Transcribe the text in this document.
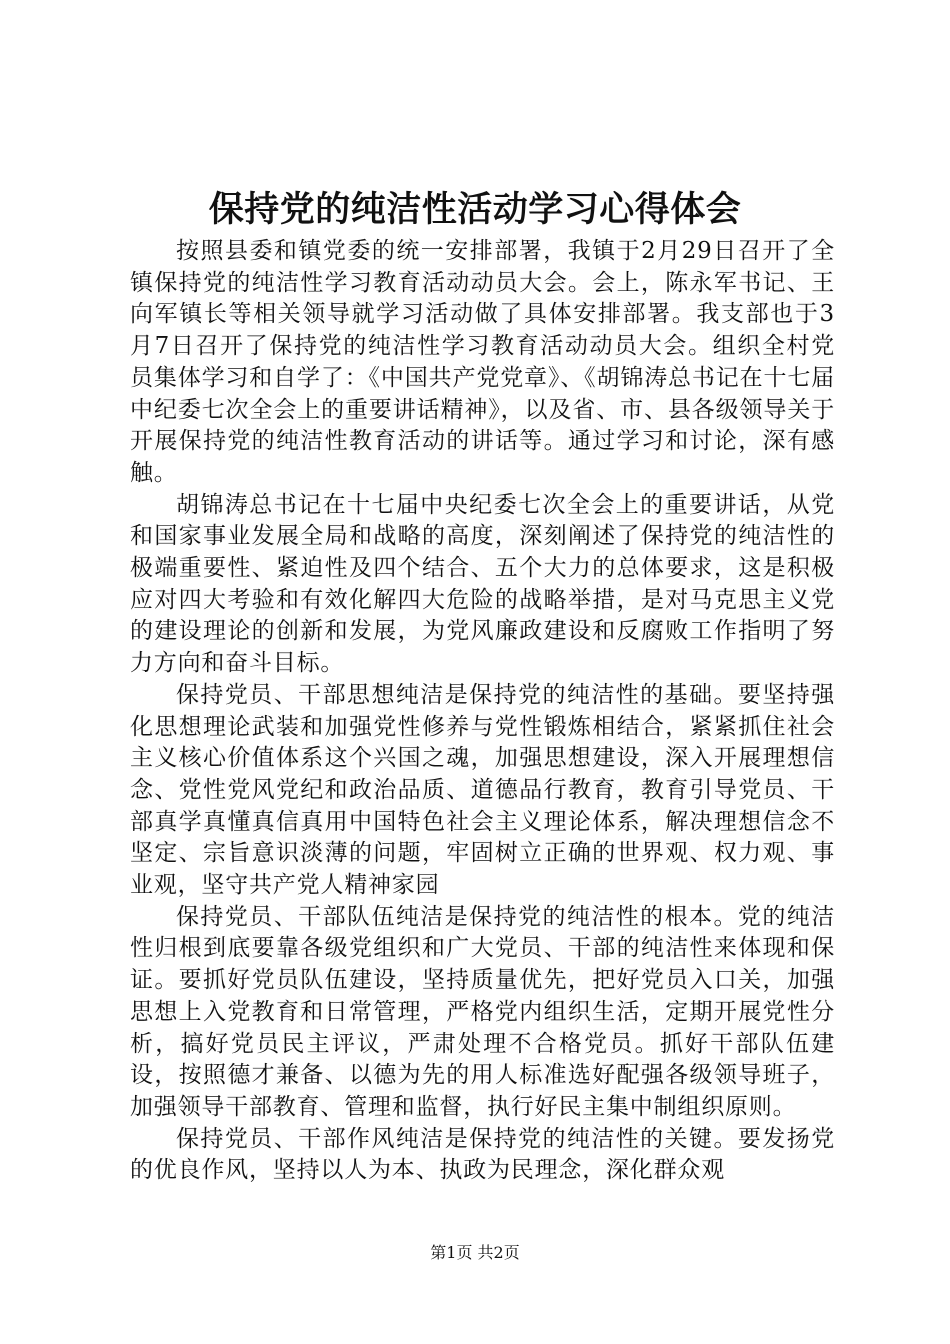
保持党的纯洁性活动学习心得体会

按照县委和镇党委的统一安排部署，我镇于2月29日召开了全镇保持党的纯洁性学习教育活动动员大会。会上，陈永军书记、王向军镇长等相关领导就学习活动做了具体安排部署。我支部也于3月7日召开了保持党的纯洁性学习教育活动动员大会。组织全村党员集体学习和自学了：《中国共产党党章》、《胡锦涛总书记在十七届中纪委七次全会上的重要讲话精神》，以及省、市、县各级领导关于开展保持党的纯洁性教育活动的讲话等。通过学习和讨论，深有感触。

胡锦涛总书记在十七届中央纪委七次全会上的重要讲话，从党和国家事业发展全局和战略的高度，深刻阐述了保持党的纯洁性的极端重要性、紧迫性及四个结合、五个大力的总体要求，这是积极应对四大考验和有效化解四大危险的战略举措，是对马克思主义党的建设理论的创新和发展，为党风廉政建设和反腐败工作指明了努力方向和奋斗目标。

保持党员、干部思想纯洁是保持党的纯洁性的基础。要坚持强化思想理论武装和加强党性修养与党性锻炼相结合，紧紧抓住社会主义核心价值体系这个兴国之魂，加强思想建设，深入开展理想信念、党性党风党纪和政治品质、道德品行教育，教育引导党员、干部真学真懂真信真用中国特色社会主义理论体系，解决理想信念不坚定、宗旨意识淡薄的问题，牢固树立正确的世界观、权力观、事业观，坚守共产党人精神家园

保持党员、干部队伍纯洁是保持党的纯洁性的根本。党的纯洁性归根到底要靠各级党组织和广大党员、干部的纯洁性来体现和保证。要抓好党员队伍建设，坚持质量优先，把好党员入口关，加强思想上入党教育和日常管理，严格党内组织生活，定期开展党性分析，搞好党员民主评议，严肃处理不合格党员。抓好干部队伍建设，按照德才兼备、以德为先的用人标准选好配强各级领导班子，加强领导干部教育、管理和监督，执行好民主集中制组织原则。

保持党员、干部作风纯洁是保持党的纯洁性的关键。要发扬党的优良作风，坚持以人为本、执政为民理念，深化群众观

第1页 共2页
